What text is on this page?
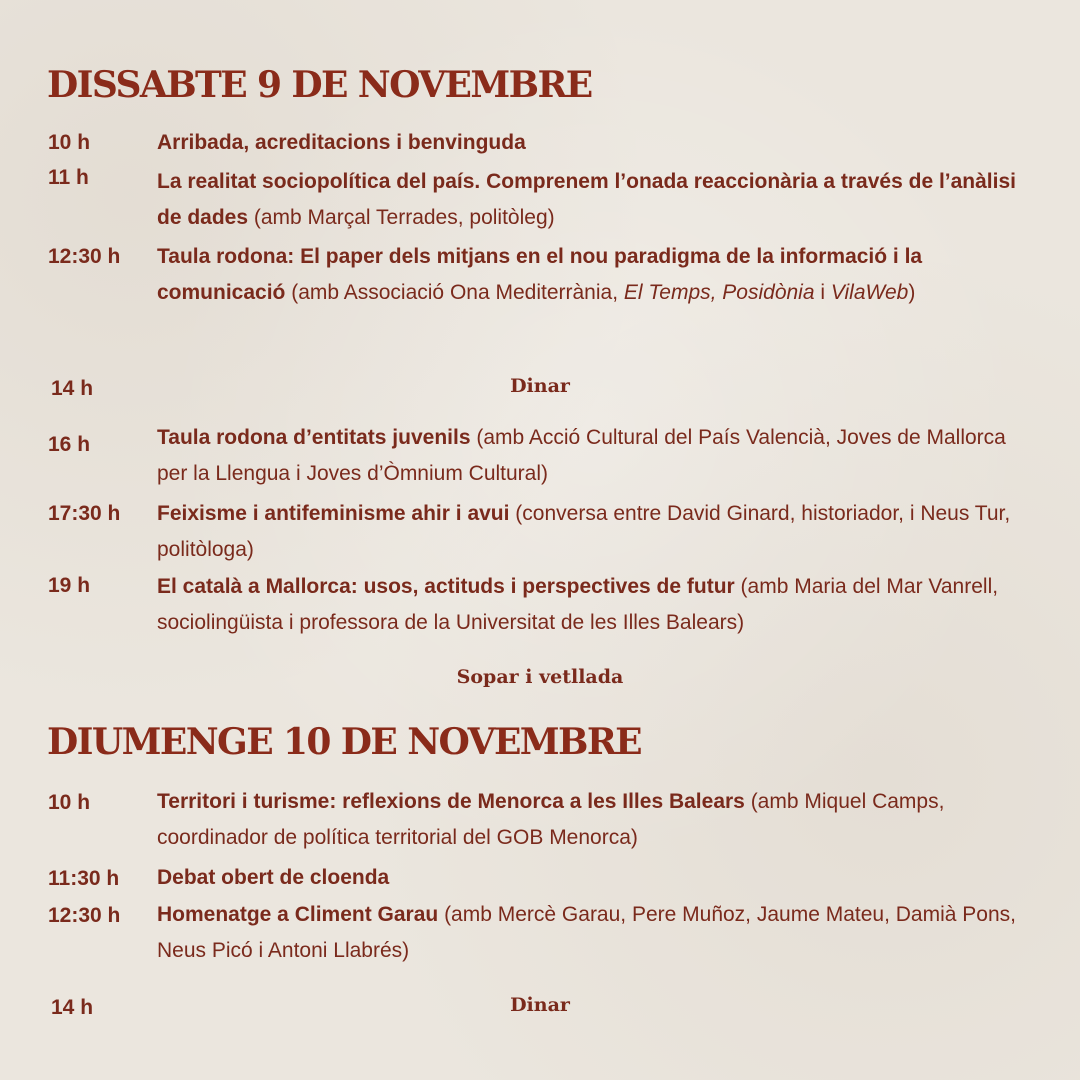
DISSABTE 9 DE NOVEMBRE
10 h	Arribada, acreditacions i benvinguda
11 h	La realitat sociopolítica del país. Comprenem l’onada reaccionària a través de l’anàlisi de dades (amb Marçal Terrades, politòleg)
12:30 h Taula rodona: El paper dels mitjans en el nou paradigma de la informació i la comunicació (amb Associació Ona Mediterrània, El Temps, Posidònia i VilaWeb)
14 h	Dinar
16 h	Taula rodona d’entitats juvenils (amb Acció Cultural del País Valencià, Joves de Mallorca per la Llengua i Joves d’Òmnium Cultural)
17:30 h Feixisme i antifeminisme ahir i avui (conversa entre David Ginard, historiador, i Neus Tur, politòloga)
19 h	El català a Mallorca: usos, actituds i perspectives de futur (amb Maria del Mar Vanrell, sociolingüista i professora de la Universitat de les Illes Balears)
Sopar i vetllada
DIUMENGE 10 DE NOVEMBRE
10 h	Territori i turisme: reflexions de Menorca a les Illes Balears (amb Miquel Camps, coordinador de política territorial del GOB Menorca)
11:30 h Debat obert de cloenda
12:30 h Homenatge a Climent Garau (amb Mercè Garau, Pere Muñoz, Jaume Mateu, Damià Pons, Neus Picó i Antoni Llabrés)
14 h	Dinar
